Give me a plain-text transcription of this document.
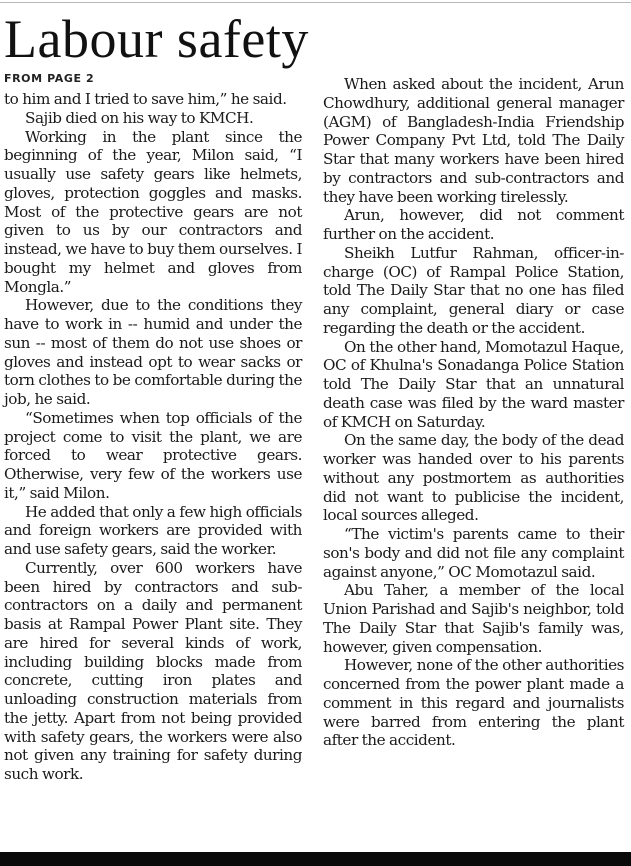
Labour safety
FROM PAGE 2

to him and I tried to save him,” he said.

Sajib died on his way to KMCH.

Working in the plant since the beginning of the year, Milon said, “I usually use safety gears like helmets, gloves, protection goggles and masks. Most of the protective gears are not given to us by our contractors and instead, we have to buy them ourselves. I bought my helmet and gloves from Mongla.”

However, due to the conditions they have to work in -- humid and under the sun -- most of them do not use shoes or gloves and instead opt to wear sacks or torn clothes to be comfortable during the job, he said.

“Sometimes when top officials of the project come to visit the plant, we are forced to wear protective gears. Otherwise, very few of the workers use it,” said Milon.

He added that only a few high officials and foreign workers are provided with and use safety gears, said the worker.

Currently, over 600 workers have been hired by contractors and sub-contractors on a daily and permanent basis at Rampal Power Plant site. They are hired for several kinds of work, including building blocks made from concrete, cutting iron plates and unloading construction materials from the jetty. Apart from not being provided with safety gears, the workers were also not given any training for safety during such work.

When asked about the incident, Arun Chowdhury, additional general manager (AGM) of Bangladesh-India Friendship Power Company Pvt Ltd, told The Daily Star that many workers have been hired by contractors and sub-contractors and they have been working tirelessly.

Arun, however, did not comment further on the accident.

Sheikh Lutfur Rahman, officer-in-charge (OC) of Rampal Police Station, told The Daily Star that no one has filed any complaint, general diary or case regarding the death or the accident.

On the other hand, Momotazul Haque, OC of Khulna's Sonadanga Police Station told The Daily Star that an unnatural death case was filed by the ward master of KMCH on Saturday.

On the same day, the body of the dead worker was handed over to his parents without any postmortem as authorities did not want to publicise the incident, local sources alleged.

“The victim's parents came to their son's body and did not file any complaint against anyone,” OC Momotazul said.

Abu Taher, a member of the local Union Parishad and Sajib's neighbor, told The Daily Star that Sajib's family was, however, given compensation.

However, none of the other authorities concerned from the power plant made a comment in this regard and journalists were barred from entering the plant after the accident.
